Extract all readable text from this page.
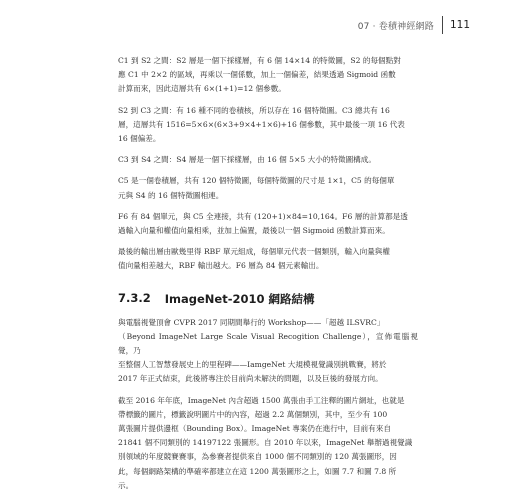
07 · 卷積神經網路 111

C1 到 S2 之間：S2 層是一個下採樣層，有 6 個 14×14 的特徵圖，S2 的每個點對
應 C1 中 2×2 的區域，再乘以一個係數，加上一個偏差，結果透過 Sigmoid 函數
計算而來，因此這層共有 6×(1+1)=12 個參數。

S2 到 C3 之間：有 16 種不同的卷積核，所以存在 16 個特徵圖。C3 總共有 16
層，這層共有 1516=5×6×(6×3+9×4+1×6)+16 個參數，其中最後一項 16 代表
16 個偏差。

C3 到 S4 之間：S4 層是一個下採樣層，由 16 個 5×5 大小的特徵圖構成。

C5 是一個卷積層，共有 120 個特徵圖，每個特徵圖的尺寸是 1×1，C5 的每個單
元與 S4 的 16 個特徵圖相連。

F6 有 84 個單元，與 C5 全連接，共有 (120+1)×84=10,164。F6 層的計算都是透
過輸入向量和權值向量相乘，並加上偏置，最後以一個 Sigmoid 函數計算而來。

最後的輸出層由歐幾里得 RBF 單元組成，每個單元代表一個類別，輸入向量與權
值向量相差越大，RBF 輸出越大。F6 層為 84 個元素輸出。

7.3.2 ImageNet-2010 網路結構

與電腦視覺頂會 CVPR 2017 同期間舉行的 Workshop——「超越 ILSVRC」
（Beyond ImageNet Large Scale Visual Recogition Challenge），宣佈電腦視覺，乃
至整個人工智慧發展史上的里程碑——IamgeNet 大規模視覺識別挑戰賽，將於
2017 年正式結束，此後將專注於目前尚未解決的問題，以及巨後的發展方向。

截至 2016 年年底，ImageNet 內含超過 1500 萬張由手工注釋的圖片網址，也就是
帶標籤的圖片，標籤說明圖片中的內容，超過 2.2 萬個類別，其中，至少有 100
萬張圖片提供邊框（Bounding Box）。ImageNet 專案仍在進行中，目前有來自
21841 個不同類別的 14197122 張圖形。自 2010 年以來，ImageNet 舉辦過視覺識
別領域的年度競賽賽事，為參賽者提供來自 1000 個不同類別的 120 萬張圖形，因
此，每個網路架構的準確率都建立在這 1200 萬張圖形之上，如圖 7.7 和圖 7.8 所
示。
